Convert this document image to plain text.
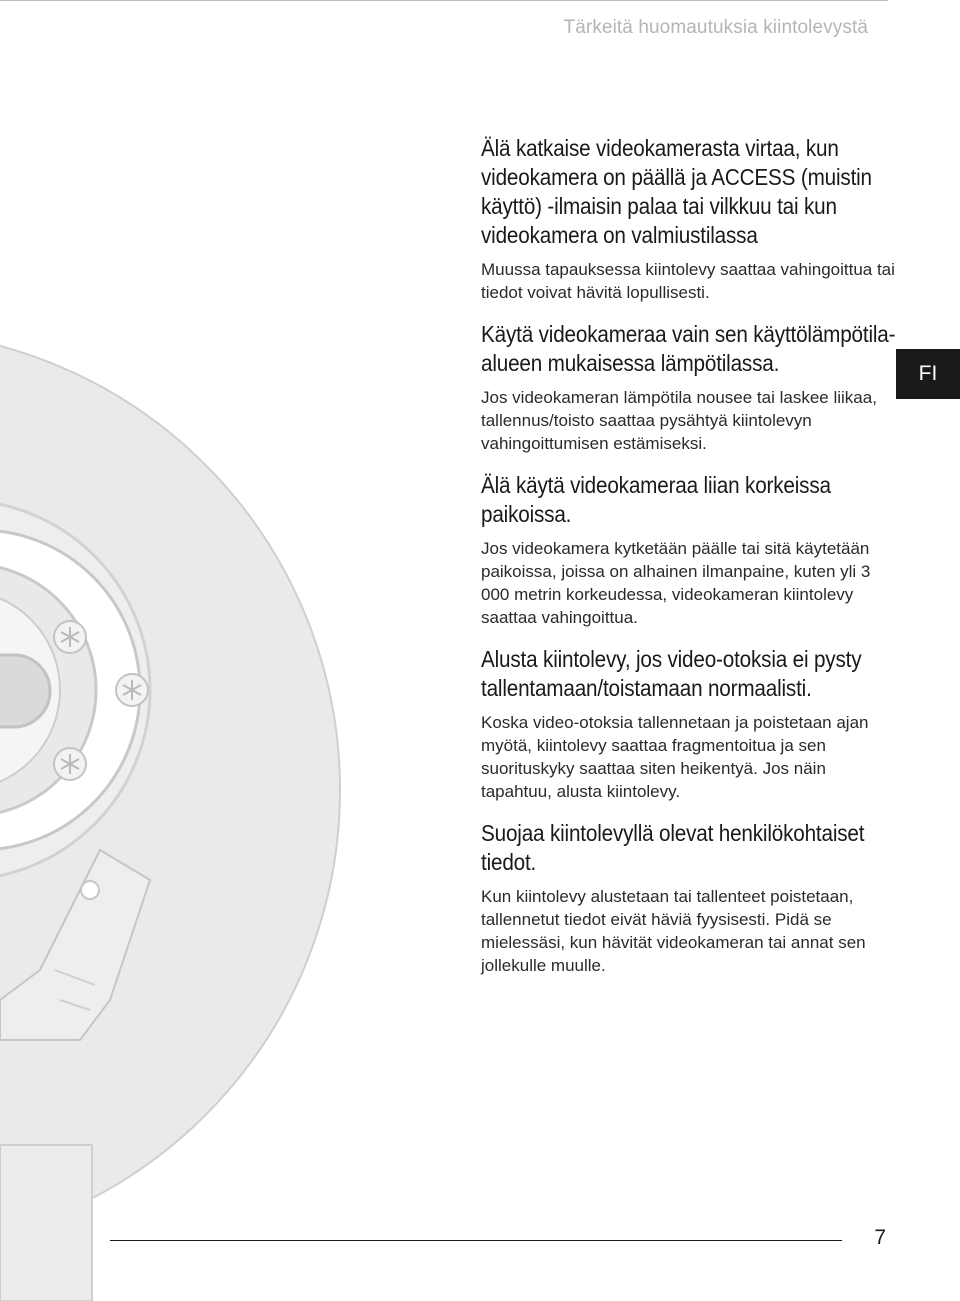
Tärkeitä huomautuksia kiintolevystä
FI
Älä katkaise videokamerasta virtaa, kun videokamera on päällä ja ACCESS (muistin käyttö) -ilmaisin palaa tai vilkkuu tai kun videokamera on valmiustilassa

Muussa tapauksessa kiintolevy saattaa vahingoittua tai tiedot voivat hävitä lopullisesti.

Käytä videokameraa vain sen käyttölämpötila-alueen mukaisessa lämpötilassa.

Jos videokameran lämpötila nousee tai laskee liikaa, tallennus/toisto saattaa pysähtyä kiintolevyn vahingoittumisen estämiseksi.

Älä käytä videokameraa liian korkeissa paikoissa.

Jos videokamera kytketään päälle tai sitä käytetään paikoissa, joissa on alhainen ilmanpaine, kuten yli 3 000 metrin korkeudessa, videokameran kiintolevy saattaa vahingoittua.

Alusta kiintolevy, jos video-otoksia ei pysty tallentamaan/toistamaan normaalisti.

Koska video-otoksia tallennetaan ja poistetaan ajan myötä, kiintolevy saattaa fragmentoitua ja sen suorituskyky saattaa siten heikentyä. Jos näin tapahtuu, alusta kiintolevy.

Suojaa kiintolevyllä olevat henkilökohtaiset tiedot.

Kun kiintolevy alustetaan tai tallenteet poistetaan, tallennetut tiedot eivät häviä fyysisesti. Pidä se mielessäsi, kun hävität videokameran tai annat sen jollekulle muulle.

7
